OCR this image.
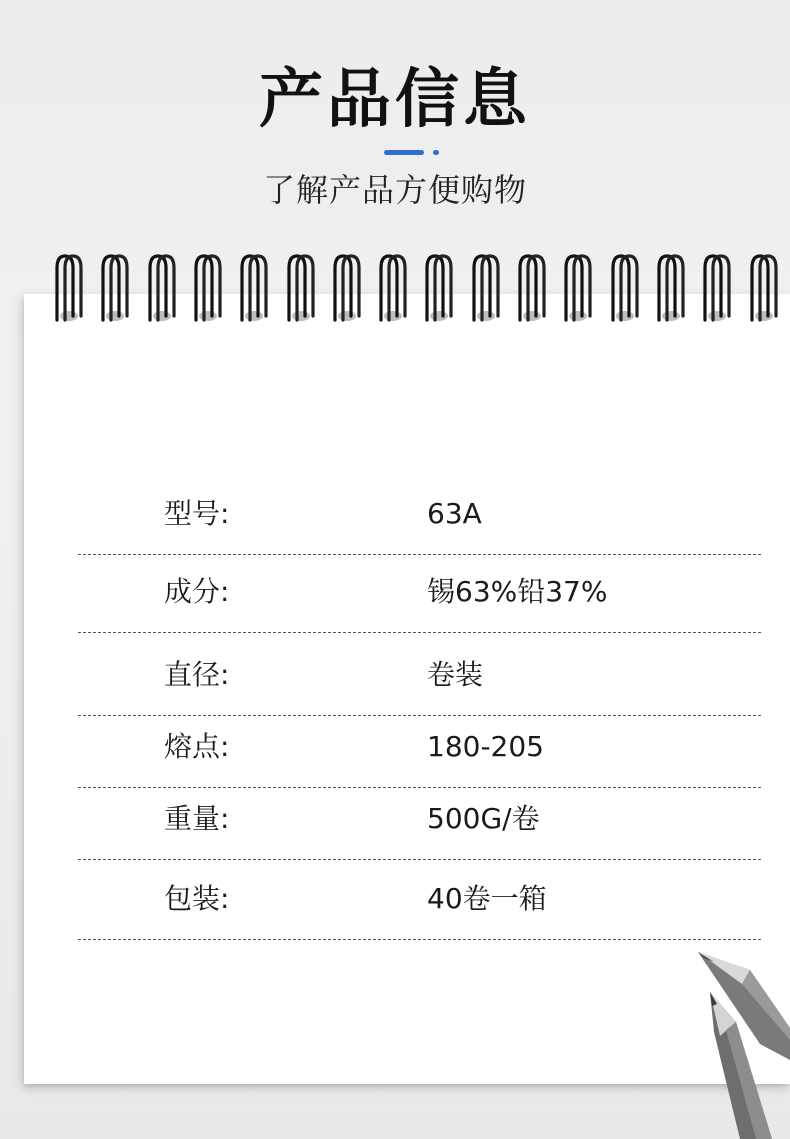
产品信息
了解产品方便购物
型号:	63A
成分:	锡63%铅37%
直径:	卷装
熔点:	180-205
重量:	500G/卷
包装:	40卷一箱
